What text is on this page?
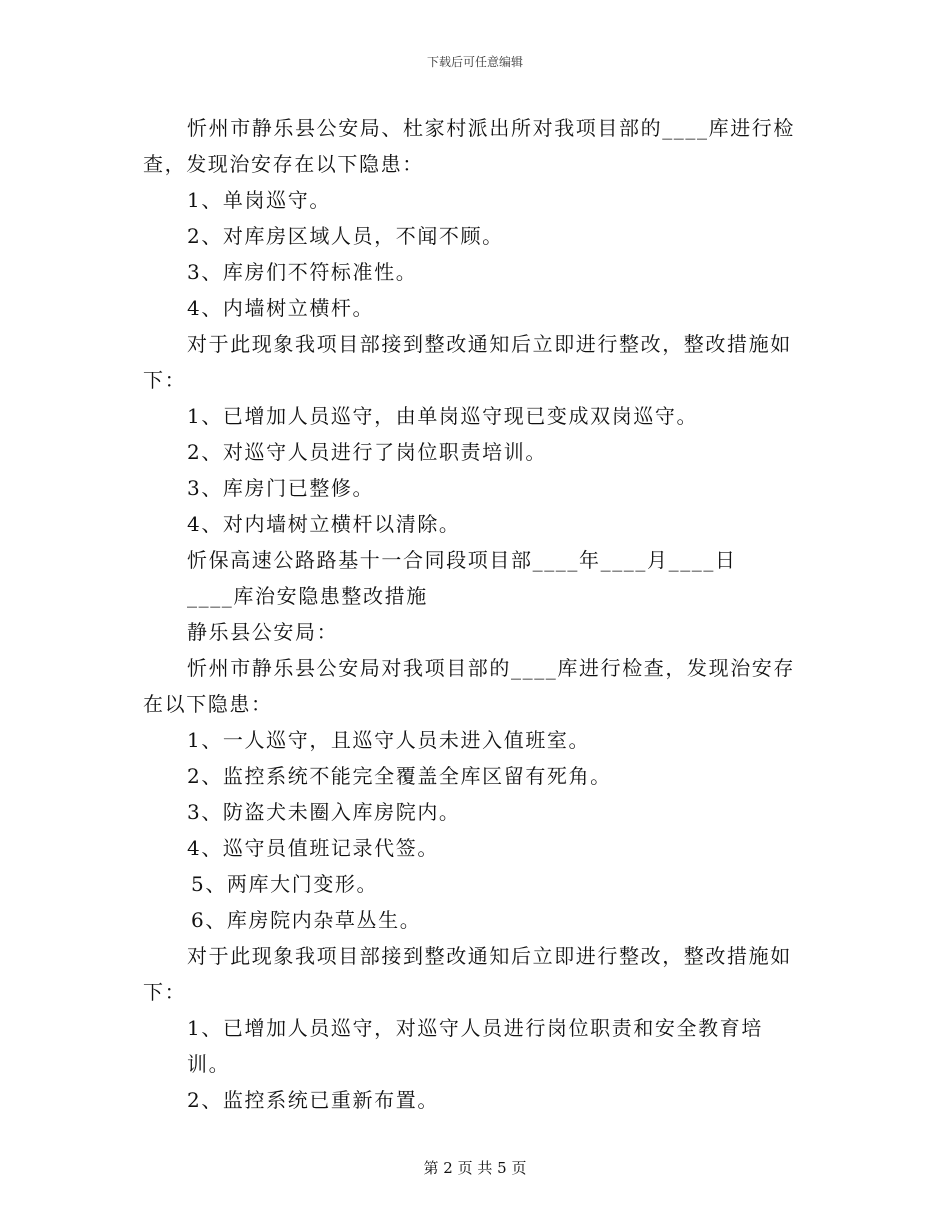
下载后可任意编辑

忻州市静乐县公安局、杜家村派出所对我项目部的____库进行检查，发现治安存在以下隐患：

1、单岗巡守。

2、对库房区域人员，不闻不顾。

3、库房们不符标准性。

4、内墙树立横杆。

对于此现象我项目部接到整改通知后立即进行整改，整改措施如下：

1、已增加人员巡守，由单岗巡守现已变成双岗巡守。

2、对巡守人员进行了岗位职责培训。

3、库房门已整修。

4、对内墙树立横杆以清除。

忻保高速公路路基十一合同段项目部____年____月____日

____库治安隐患整改措施

静乐县公安局：

忻州市静乐县公安局对我项目部的____库进行检查，发现治安存在以下隐患：

1、一人巡守，且巡守人员未进入值班室。

2、监控系统不能完全覆盖全库区留有死角。

3、防盗犬未圈入库房院内。

4、巡守员值班记录代签。

5、两库大门变形。

6、库房院内杂草丛生。

对于此现象我项目部接到整改通知后立即进行整改，整改措施如下：

1、已增加人员巡守，对巡守人员进行岗位职责和安全教育培训。

2、监控系统已重新布置。

第 2 页 共 5 页
